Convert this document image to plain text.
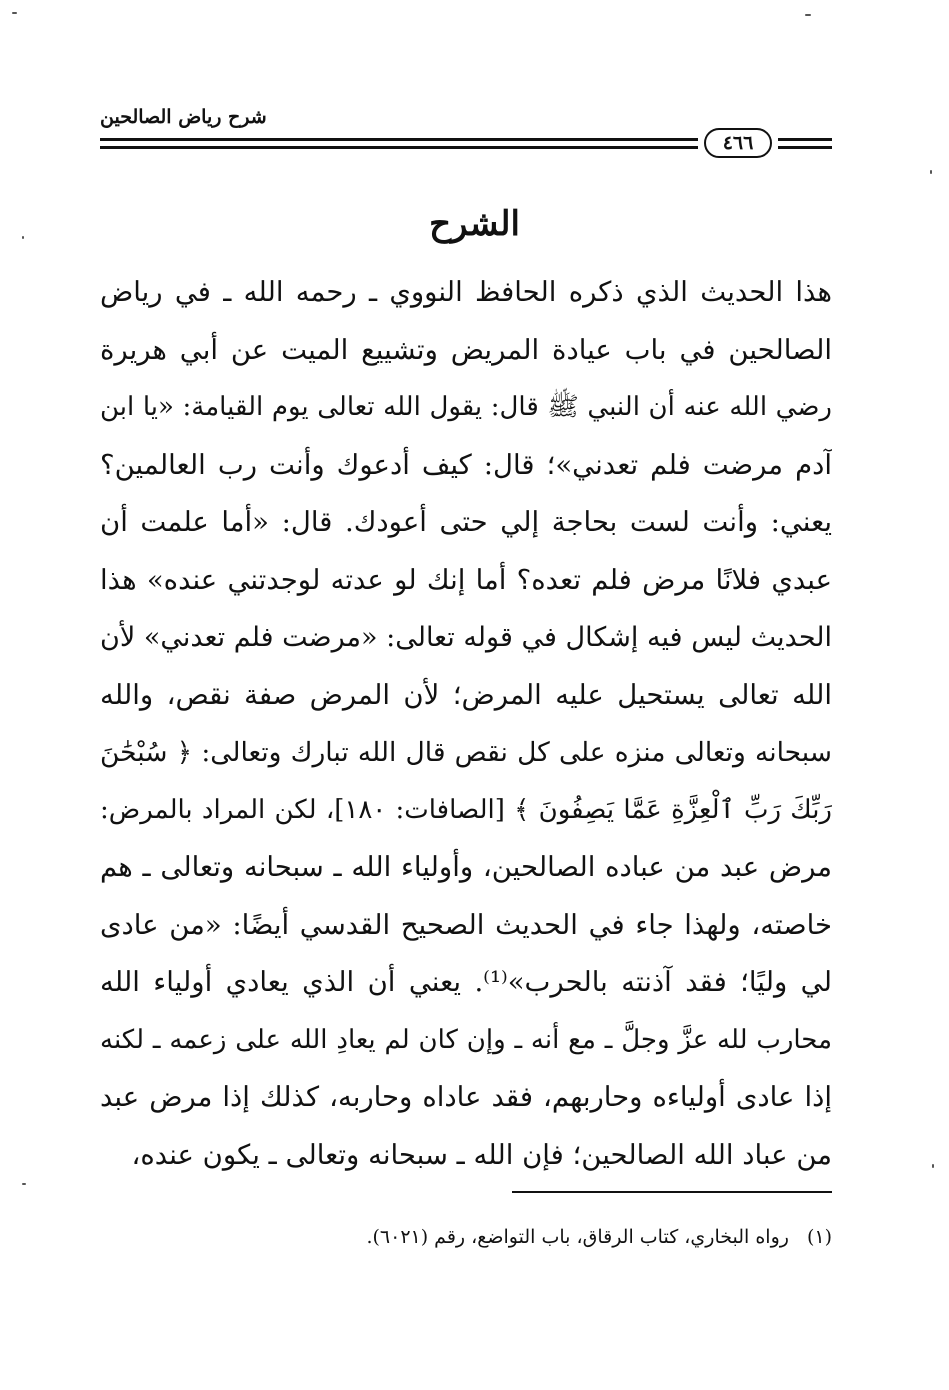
شرح رياض الصالحين
٤٦٦
الشرح
هذا الحديث الذي ذكره الحافظ النووي ـ رحمه الله ـ في رياض
الصالحين في باب عيادة المريض وتشييع الميت عن أبي هريرة
رضي الله عنه أن النبي ﷺ قال: يقول الله تعالى يوم القيامة: «يا ابن
آدم مرضت فلم تعدني»؛ قال: كيف أدعوك وأنت رب العالمين؟
يعني: وأنت لست بحاجة إلي حتى أعودك. قال: «أما علمت أن
عبدي فلانًا مرض فلم تعده؟ أما إنك لو عدته لوجدتني عنده» هذا
الحديث ليس فيه إشكال في قوله تعالى: «مرضت فلم تعدني» لأن
الله تعالى يستحيل عليه المرض؛ لأن المرض صفة نقص، والله
سبحانه وتعالى منزه على كل نقص قال الله تبارك وتعالى: ﴿ سُبْحَٰنَ
رَبِّكَ رَبِّ ٱلْعِزَّةِ عَمَّا يَصِفُونَ ﴾ [الصافات: ١٨٠]، لكن المراد بالمرض:
مرض عبد من عباده الصالحين، وأولياء الله ـ سبحانه وتعالى ـ هم
خاصته، ولهذا جاء في الحديث الصحيح القدسي أيضًا: «من عادى
لي وليًا؛ فقد آذنته بالحرب»⁽¹⁾. يعني أن الذي يعادي أولياء الله
محارب لله عزَّ وجلَّ ـ مع أنه ـ وإن كان لم يعادِ الله على زعمه ـ لكنه
إذا عادى أولياءه وحاربهم، فقد عاداه وحاربه، كذلك إذا مرض عبد
من عباد الله الصالحين؛ فإن الله ـ سبحانه وتعالى ـ يكون عنده،
(١)رواه البخاري، كتاب الرقاق، باب التواضع، رقم (٦٠٢١).
